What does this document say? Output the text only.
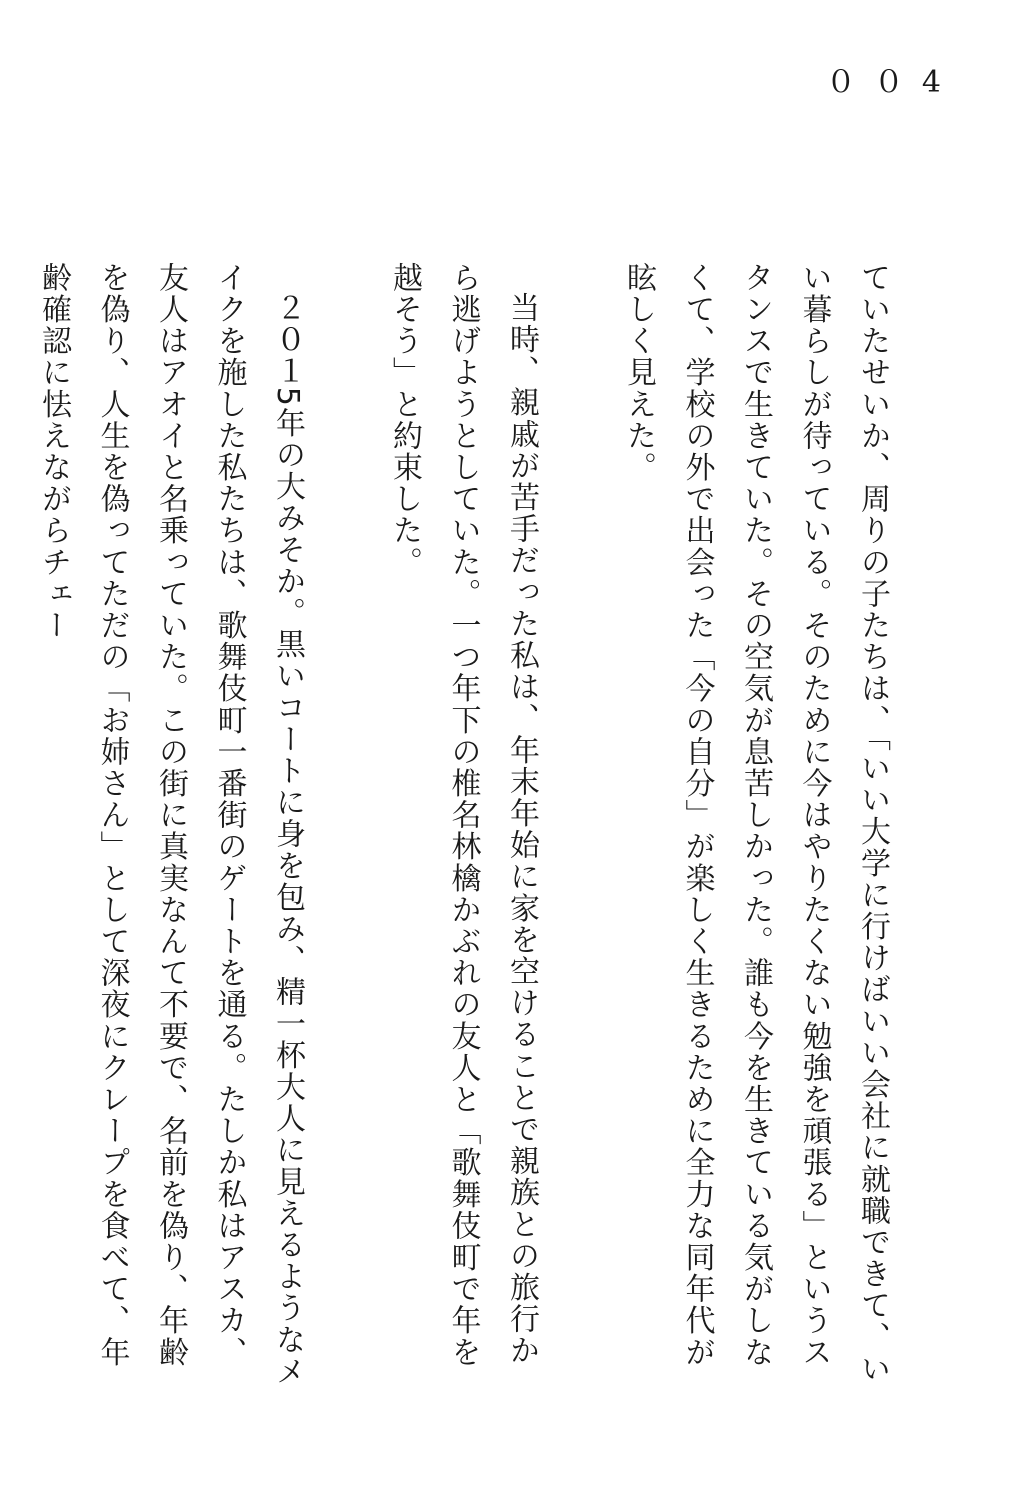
００4

ていたせいか、周りの子たちは、「いい大学に行けばいい会社に就職できて、いい暮らしが待っている。そのために今はやりたくない勉強を頑張る」というスタンスで生きていた。その空気が息苦しかった。誰も今を生きている気がしなくて、学校の外で出会った「今の自分」が楽しく生きるために全力な同年代が眩しく見えた。

当時、親戚が苦手だった私は、年末年始に家を空けることで親族との旅行から逃げようとしていた。一つ年下の椎名林檎かぶれの友人と「歌舞伎町で年を越そう」と約束した。

２０１5年の大みそか。黒いコートに身を包み、精一杯大人に見えるようなメイクを施した私たちは、歌舞伎町一番街のゲートを通る。たしか私はアスカ、友人はアオイと名乗っていた。この街に真実なんて不要で、名前を偽り、年齢を偽り、人生を偽ってただの「お姉さん」として深夜にクレープを食べて、年齢確認に怯えながらチェー
